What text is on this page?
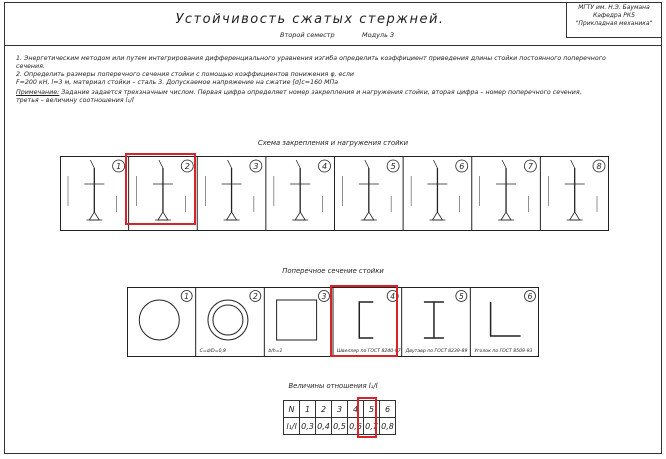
Устойчивость сжатых стержней.
Второй семестр	Модуль 3
МГТУ им. Н.Э. Баумана
Кафедра РК5
"Прикладная механика"
1. Энергетическим методом или путем интегрирования дифференциального уравнения изгиба определить коэффициент приведения длины стойки постоянного поперечного
сечения.
2. Определить размеры поперечного сечения стойки с помощью коэффициентов понижения φ, если
F=200 кН, l=3 м, материал стойки – сталь 3. Допускаемое напряжение на сжатие [σ]с=160 МПа
Примечание: Задание задается трехзначным числом. Первая цифра определяет номер закрепления и нагружения стойки, вторая цифра – номер поперечного сечения,
третья – величину соотношения l₁/l
Схема закрепления и нагружения стойки
1	2	3	4	5	6	7	8
Поперечное сечение стойки
1	2
C=d/D=0,8
3
b/h=1
4
Швеллер по ГОСТ 8240-97
5
Двутавр по ГОСТ 8239-89
6
Уголок по ГОСТ 8509-93
Величины отношения l₁/l
N	1	2	3	4	5	6
l₁/l	0,3	0,4	0,5	0,6	0,7	0,8
